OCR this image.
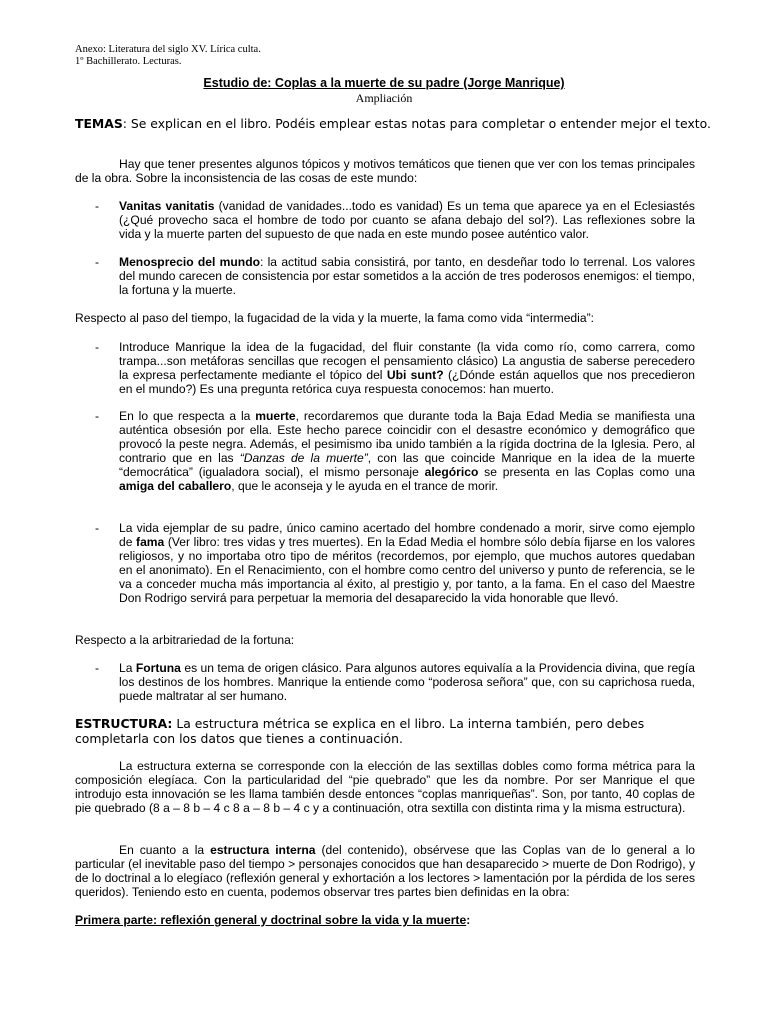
Anexo: Literatura del siglo XV. Lírica culta.
1º Bachillerato. Lecturas.
Estudio de: Coplas a la muerte de su padre (Jorge Manrique)
Ampliación
TEMAS: Se explican en el libro. Podéis emplear estas notas para completar o entender mejor el texto.
Hay que tener presentes algunos tópicos y motivos temáticos que tienen que ver con los temas principales de la obra. Sobre la inconsistencia de las cosas de este mundo:
-	Vanitas vanitatis (vanidad de vanidades...todo es vanidad) Es un tema que aparece ya en el Eclesiastés (¿Qué provecho saca el hombre de todo por cuanto se afana debajo del sol?). Las reflexiones sobre la vida y la muerte parten del supuesto de que nada en este mundo posee auténtico valor.
-	Menosprecio del mundo: la actitud sabia consistirá, por tanto, en desdeñar todo lo terrenal. Los valores del mundo carecen de consistencia por estar sometidos a la acción de tres poderosos enemigos: el tiempo, la fortuna y la muerte.
Respecto al paso del tiempo, la fugacidad de la vida y la muerte, la fama como vida “intermedia”:
-	Introduce Manrique la idea de la fugacidad, del fluir constante (la vida como río, como carrera, como trampa...son metáforas sencillas que recogen el pensamiento clásico) La angustia de saberse perecedero la expresa perfectamente mediante el tópico del Ubi sunt? (¿Dónde están aquellos que nos precedieron en el mundo?) Es una pregunta retórica cuya respuesta conocemos: han muerto.
-	En lo que respecta a la muerte, recordaremos que durante toda la Baja Edad Media se manifiesta una auténtica obsesión por ella. Este hecho parece coincidir con el desastre económico y demográfico que provocó la peste negra. Además, el pesimismo iba unido también a la rígida doctrina de la Iglesia. Pero, al contrario que en las “Danzas de la muerte”, con las que coincide Manrique en la idea de la muerte “democrática” (igualadora social), el mismo personaje alegórico se presenta en las Coplas como una amiga del caballero, que le aconseja y le ayuda en el trance de morir.
-	La vida ejemplar de su padre, único camino acertado del hombre condenado a morir, sirve como ejemplo de fama (Ver libro: tres vidas y tres muertes). En la Edad Media el hombre sólo debía fijarse en los valores religiosos, y no importaba otro tipo de méritos (recordemos, por ejemplo, que muchos autores quedaban en el anonimato). En el Renacimiento, con el hombre como centro del universo y punto de referencia, se le va a conceder mucha más importancia al éxito, al prestigio y, por tanto, a la fama. En el caso del Maestre Don Rodrigo servirá para perpetuar la memoria del desaparecido la vida honorable que llevó.
Respecto a la arbitrariedad de la fortuna:
-	La Fortuna es un tema de origen clásico. Para algunos autores equivalía a la Providencia divina, que regía los destinos de los hombres. Manrique la entiende como “poderosa señora” que, con su caprichosa rueda, puede maltratar al ser humano.
ESTRUCTURA: La estructura métrica se explica en el libro. La interna también, pero debes completarla con los datos que tienes a continuación.
La estructura externa se corresponde con la elección de las sextillas dobles como forma métrica para la composición elegíaca. Con la particularidad del “pie quebrado” que les da nombre. Por ser Manrique el que introdujo esta innovación se les llama también desde entonces “coplas manriqueñas”. Son, por tanto, 40 coplas de pie quebrado (8 a – 8 b – 4 c 8 a – 8 b – 4 c y a continuación, otra sextilla con distinta rima y la misma estructura).
En cuanto a la estructura interna (del contenido), obsérvese que las Coplas van de lo general a lo particular (el inevitable paso del tiempo > personajes conocidos que han desaparecido > muerte de Don Rodrigo), y de lo doctrinal a lo elegíaco (reflexión general y exhortación a los lectores > lamentación por la pérdida de los seres queridos). Teniendo esto en cuenta, podemos observar tres partes bien definidas en la obra:
Primera parte: reflexión general y doctrinal sobre la vida y la muerte:
